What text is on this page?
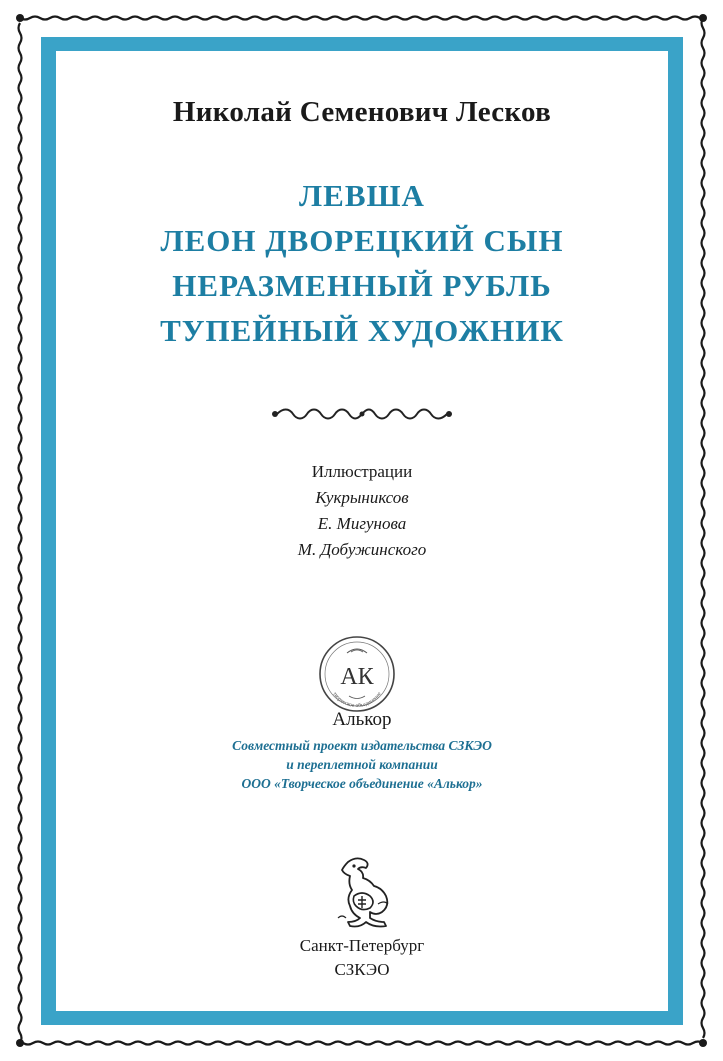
Николай Семенович Лесков
ЛЕВША
ЛЕОН ДВОРЕЦКИЙ СЫН
НЕРАЗМЕННЫЙ РУБЛЬ
ТУПЕЙНЫЙ ХУДОЖНИК
Иллюстрации
Кукрыниксов
Е. Мигунова
М. Добужинского
АК
творческое объединение
Алькор
Совместный проект издательства СЗКЭО
и переплетной компании
ООО «Творческое объединение «Алькор»
Санкт-Петербург
СЗКЭО
